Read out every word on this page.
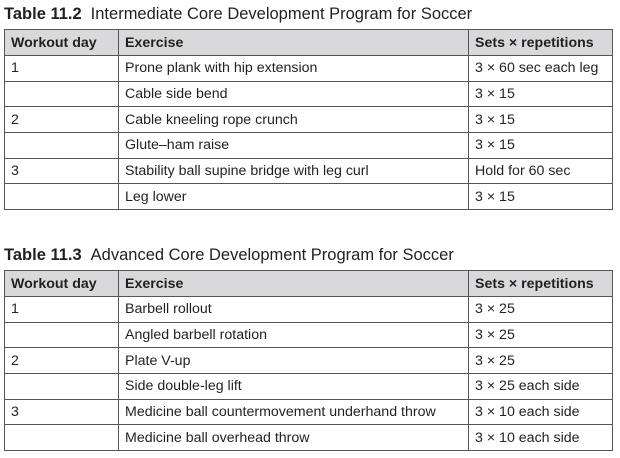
Table 11.2 Intermediate Core Development Program for Soccer
Workout day	Exercise	Sets × repetitions
1	Prone plank with hip extension	3 × 60 sec each leg
	Cable side bend	3 × 15
2	Cable kneeling rope crunch	3 × 15
	Glute–ham raise	3 × 15
3	Stability ball supine bridge with leg curl	Hold for 60 sec
	Leg lower	3 × 15
Table 11.3 Advanced Core Development Program for Soccer
Workout day	Exercise	Sets × repetitions
1	Barbell rollout	3 × 25
	Angled barbell rotation	3 × 25
2	Plate V-up	3 × 25
	Side double-leg lift	3 × 25 each side
3	Medicine ball countermovement underhand throw	3 × 10 each side
	Medicine ball overhead throw	3 × 10 each side
